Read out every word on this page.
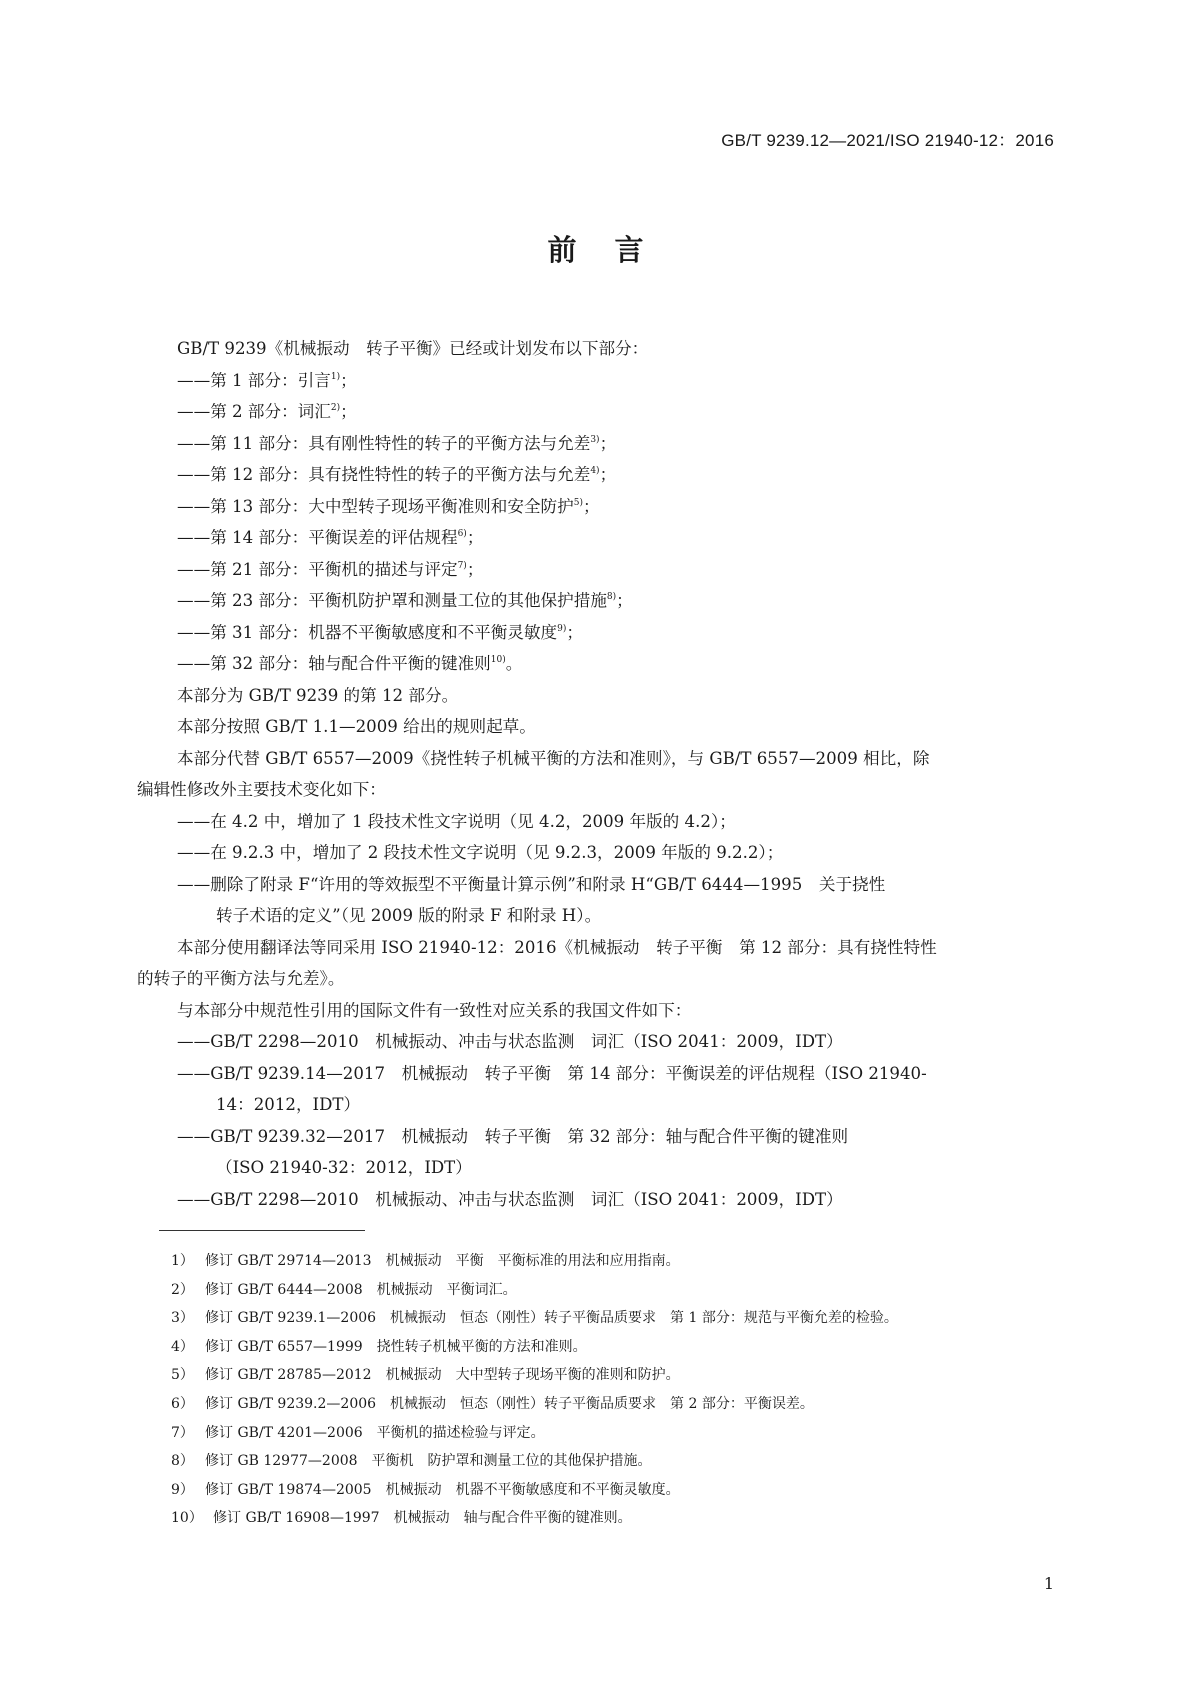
GB/T 9239.12—2021/ISO 21940-12：2016
前言
GB/T 9239《机械振动　转子平衡》已经或计划发布以下部分：
——第 1 部分：引言$^{1)}$；
——第 2 部分：词汇$^{2)}$；
——第 11 部分：具有刚性特性的转子的平衡方法与允差$^{3)}$；
——第 12 部分：具有挠性特性的转子的平衡方法与允差$^{4)}$；
——第 13 部分：大中型转子现场平衡准则和安全防护$^{5)}$；
——第 14 部分：平衡误差的评估规程$^{6)}$；
——第 21 部分：平衡机的描述与评定$^{7)}$；
——第 23 部分：平衡机防护罩和测量工位的其他保护措施$^{8)}$；
——第 31 部分：机器不平衡敏感度和不平衡灵敏度$^{9)}$；
——第 32 部分：轴与配合件平衡的键准则$^{10)}$。
本部分为 GB/T 9239 的第 12 部分。
本部分按照 GB/T 1.1—2009 给出的规则起草。
本部分代替 GB/T 6557—2009《挠性转子机械平衡的方法和准则》，与 GB/T 6557—2009 相比，除
编辑性修改外主要技术变化如下：
——在 4.2 中，增加了 1 段技术性文字说明（见 4.2，2009 年版的 4.2）；
——在 9.2.3 中，增加了 2 段技术性文字说明（见 9.2.3，2009 年版的 9.2.2）；
——删除了附录 F“许用的等效振型不平衡量计算示例”和附录 H“GB/T 6444—1995　关于挠性
转子术语的定义”（见 2009 版的附录 F 和附录 H）。
本部分使用翻译法等同采用 ISO 21940-12：2016《机械振动　转子平衡　第 12 部分：具有挠性特性
的转子的平衡方法与允差》。
与本部分中规范性引用的国际文件有一致性对应关系的我国文件如下：
——GB/T 2298—2010　机械振动、冲击与状态监测　词汇（ISO 2041：2009，IDT）
——GB/T 9239.14—2017　机械振动　转子平衡　第 14 部分：平衡误差的评估规程（ISO 21940-
14：2012，IDT）
——GB/T 9239.32—2017　机械振动　转子平衡　第 32 部分：轴与配合件平衡的键准则
（ISO 21940-32：2012，IDT）
——GB/T 2298—2010　机械振动、冲击与状态监测　词汇（ISO 2041：2009，IDT）
1） 修订 GB/T 29714—2013　机械振动　平衡　平衡标准的用法和应用指南。
2） 修订 GB/T 6444—2008　机械振动　平衡词汇。
3） 修订 GB/T 9239.1—2006　机械振动　恒态（刚性）转子平衡品质要求　第 1 部分：规范与平衡允差的检验。
4） 修订 GB/T 6557—1999　挠性转子机械平衡的方法和准则。
5） 修订 GB/T 28785—2012　机械振动　大中型转子现场平衡的准则和防护。
6） 修订 GB/T 9239.2—2006　机械振动　恒态（刚性）转子平衡品质要求　第 2 部分：平衡误差。
7） 修订 GB/T 4201—2006　平衡机的描述检验与评定。
8） 修订 GB 12977—2008　平衡机　防护罩和测量工位的其他保护措施。
9） 修订 GB/T 19874—2005　机械振动　机器不平衡敏感度和不平衡灵敏度。
10） 修订 GB/T 16908—1997　机械振动　轴与配合件平衡的键准则。
1
